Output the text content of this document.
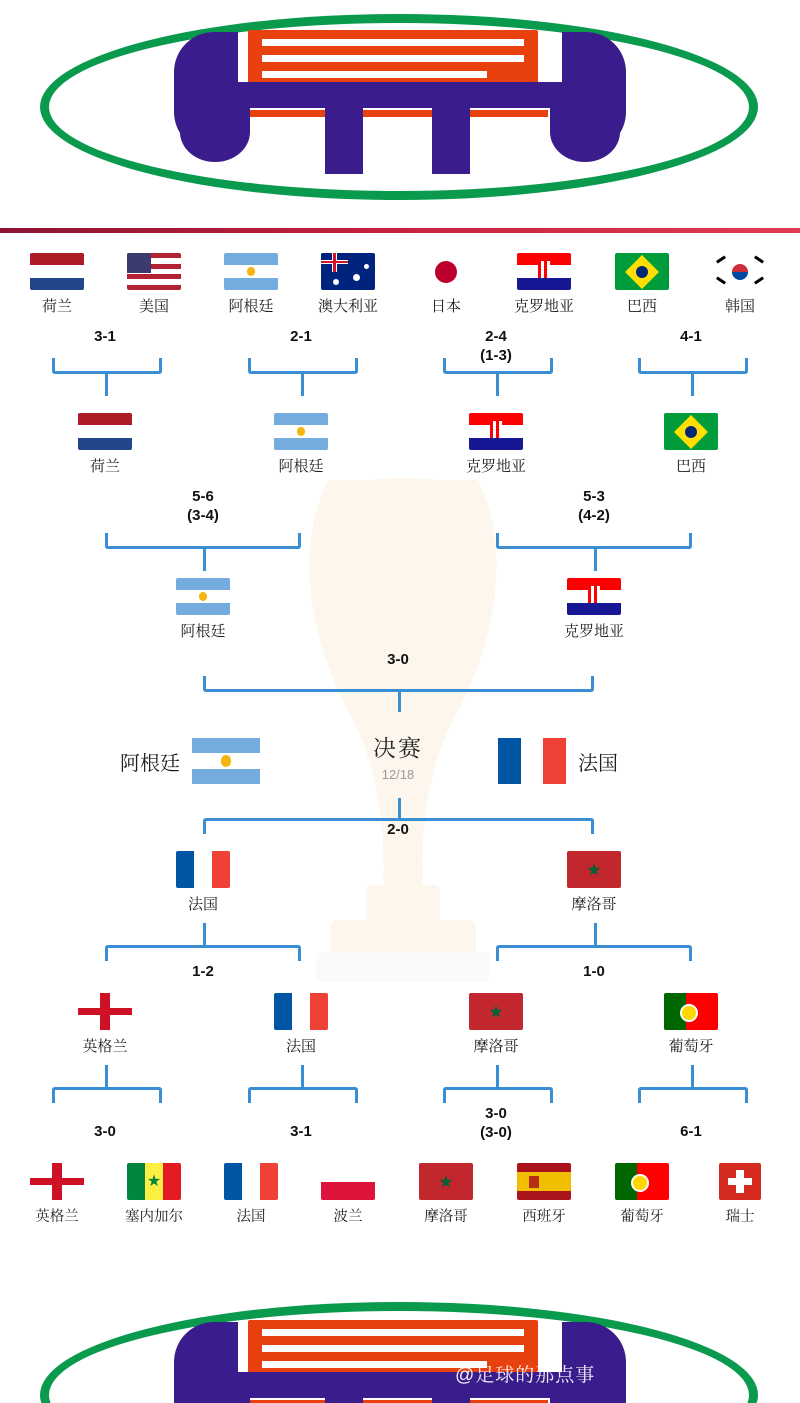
荷兰	美国	阿根廷	澳大利亚	日本	克罗地亚	巴西	韩国
3-1	2-1	2-4
(1-3)
4-1
荷兰	阿根廷	克罗地亚	巴西
5-6
(3-4)
5-3
(4-2)
阿根廷	克罗地亚
3-0
决赛
12/18
阿根廷	法国
2-0
法国
★
摩洛哥
1-2	1-0
英格兰	法国
★
摩洛哥	葡萄牙
3-0	3-1
3-0
(3-0)	6-1
英格兰
★
塞内加尔	法国	波兰
★
摩洛哥	西班牙	葡萄牙	瑞士
@足球的那点事
